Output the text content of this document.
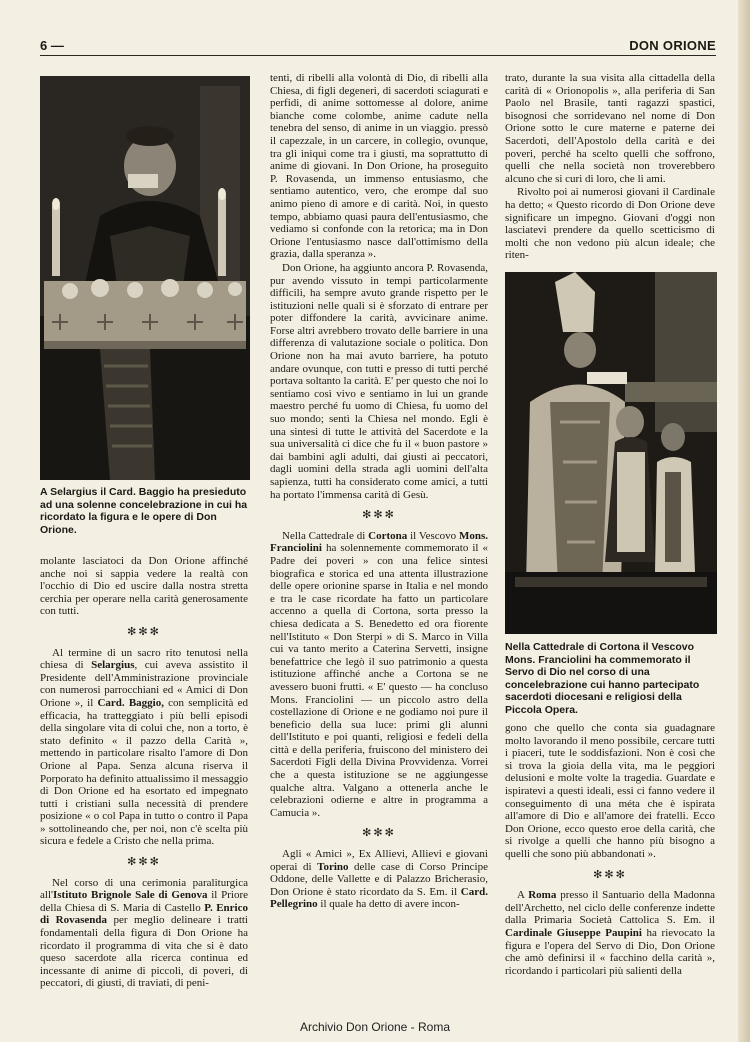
6 —	DON ORIONE
A Selargius il Card. Baggio ha presieduto ad una solenne concelebrazione in cui ha ricordato la figura e le opere di Don Orione.

molante lasciatoci da Don Orione affinché anche noi si sappia vedere la realtà con l'occhio di Dio ed uscire dalla nostra stretta cerchia per operare nella carità generosamente con tutti.

✻✻✻

Al termine di un sacro rito tenutosi nella chiesa di Selargius, cui aveva assistito il Presidente dell'Amministrazione provinciale con numerosi parrocchiani ed « Amici di Don Orione », il Card. Baggio, con semplicità ed efficacia, ha tratteggiato i più belli episodi della singolare vita di colui che, non a torto, è stato definito « il pazzo della Carità », mettendo in particolare risalto l'amore di Don Orione al Papa. Senza alcuna riserva il Porporato ha definito attualissimo il messaggio di Don Orione ed ha esortato ed impegnato tutti i cristiani sulla necessità di prendere posizione « o col Papa in tutto o contro il Papa » sottolineando che, per noi, non c'è scelta più sicura e fedele a Cristo che nella prima.

✻✻✻

Nel corso di una cerimonia paraliturgica all'Istituto Brignole Sale di Genova il Priore della Chiesa di S. Maria di Castello P. Enrico di Rovasenda per meglio delineare i tratti fondamentali della figura di Don Orione ha ricordato il programma di vita che si è dato queso sacerdote alla ricerca continua ed incessante di anime di piccoli, di poveri, di peccatori, di giusti, di traviati, di peni-

tenti, di ribelli alla volontà di Dio, di ribelli alla Chiesa, di figli degeneri, di sacerdoti sciagurati e perfidi, di anime sottomesse al dolore, anime bianche come colombe, anime cadute nella tenebra del senso, di anime in un viaggio. pressò il capezzale, in un carcere, in collegio, ovunque, tra gli iniqui come tra i giusti, ma soprattutto di anime di giovani. In Don Orione, ha proseguito P. Rovasenda, un immenso entusiasmo, che sentiamo autentico, vero, che erompe dal suo animo pieno di amore e di carità. Noi, in questo tempo, abbiamo quasi paura dell'entusiasmo, che vediamo si confonde con la retorica; ma in Don Orione l'entusiasmo nasce dall'ottimismo della grazia, dalla speranza ».

Don Orione, ha aggiunto ancora P. Rovasenda, pur avendo vissuto in tempi particolarmente difficili, ha sempre avuto grande rispetto per le istituzioni nelle quali si è sforzato di entrare per poter diffondere la carità, avvicinare anime. Forse altri avrebbero trovato delle barriere in una differenza di valutazione sociale o politica. Don Orione non ha mai avuto barriere, ha potuto andare ovunque, con tutti e presso di tutti perché portava soltanto la carità. E' per questo che noi lo sentiamo così vivo e sentiamo in lui un grande maestro perché fu uomo di Chiesa, fu uomo del suo mondo; sentì la Chiesa nel mondo. Egli è una sintesi di tutte le attività del Sacerdote e la sua universalità ci dice che fu il « buon pastore » dai bambini agli adulti, dai giusti ai peccatori, dagli uomini della strada agli uomini dell'alta sapienza, tutti ha considerato come amici, a tutti ha portato l'immensa carità di Gesù.

✻✻✻

Nella Cattedrale di Cortona il Vescovo Mons. Franciolini ha solennemente commemorato il « Padre dei poveri » con una felice sintesi biografica e storica ed una attenta illustrazione delle opere orionine sparse in Italia e nel mondo e tra le case ricordate ha fatto un particolare accenno a quella di Cortona, sorta presso la chiesa dedicata a S. Benedetto ed ora fiorente nell'Istituto « Don Sterpi » di S. Marco in Villa cui va tanto merito a Caterina Servetti, insigne benefattrice che legò il suo patrimonio a questa istituzione affinché anche a Cortona se ne avessero buoni frutti. « E' questo — ha concluso Mons. Franciolini — un piccolo astro della costellazione di Orione e ne godiamo noi pure il beneficio della sua luce: primi gli alunni dell'Istituto e poi quanti, religiosi e fedeli della città e della periferia, fruiscono del ministero dei Sacerdoti Figli della Divina Provvidenza. Vorrei che a questa istituzione se ne aggiungesse qualche altra. Valgano a ottenerla anche le celebrazioni odierne e altre in programma a Camucia ».

✻✻✻

Agli « Amici », Ex Allievi, Allievi e giovani operai di Torino delle case di Corso Principe Oddone, delle Vallette e di Palazzo Bricherasio, Don Orione è stato ricordato da S. Em. il Card. Pellegrino il quale ha detto di avere incon-

trato, durante la sua visita alla cittadella della carità di « Orionopolis », alla periferia di San Paolo nel Brasile, tanti ragazzi spastici, bisognosi che sorridevano nel nome di Don Orione sotto le cure materne e paterne dei Sacerdoti, dell'Apostolo della carità e dei poveri, perché ha scelto quelli che soffrono, quelli che nella società non troverebbero alcuno che si curi di loro, che li ami.

Rivolto poi ai numerosi giovani il Cardinale ha detto; « Questo ricordo di Don Orione deve significare un impegno. Giovani d'oggi non lasciatevi prendere da quello scetticismo di molti che non vedono più alcun ideale; che riten-

Nella Cattedrale di Cortona il Vescovo Mons. Franciolini ha commemorato il Servo di Dio nel corso di una concelebrazione cui hanno partecipato sacerdoti diocesani e religiosi della Piccola Opera.

gono che quello che conta sia guadagnare molto lavorando il meno possibile, cercare tutti i piaceri, tute le soddisfazioni. Non è così che si trova la gioia della vita, ma le peggiori delusioni e molte volte la tragedia. Guardate e ispiratevi a questi ideali, essi ci fanno vedere il conseguimento di una méta che è ispirata all'amore di Dio e all'amore dei fratelli. Ecco Don Orione, ecco questo eroe della carità, che si rivolge a quelli che hanno più bisogno a quelli che sono più abbandonati ».

✻✻✻

A Roma presso il Santuario della Madonna dell'Archetto, nel ciclo delle conferenze indette dalla Primaria Società Cattolica S. Em. il Cardinale Giuseppe Paupini ha rievocato la figura e l'opera del Servo di Dio, Don Orione che amò definirsi il « facchino della carità », ricordando i particolari più salienti della

Archivio Don Orione - Roma
